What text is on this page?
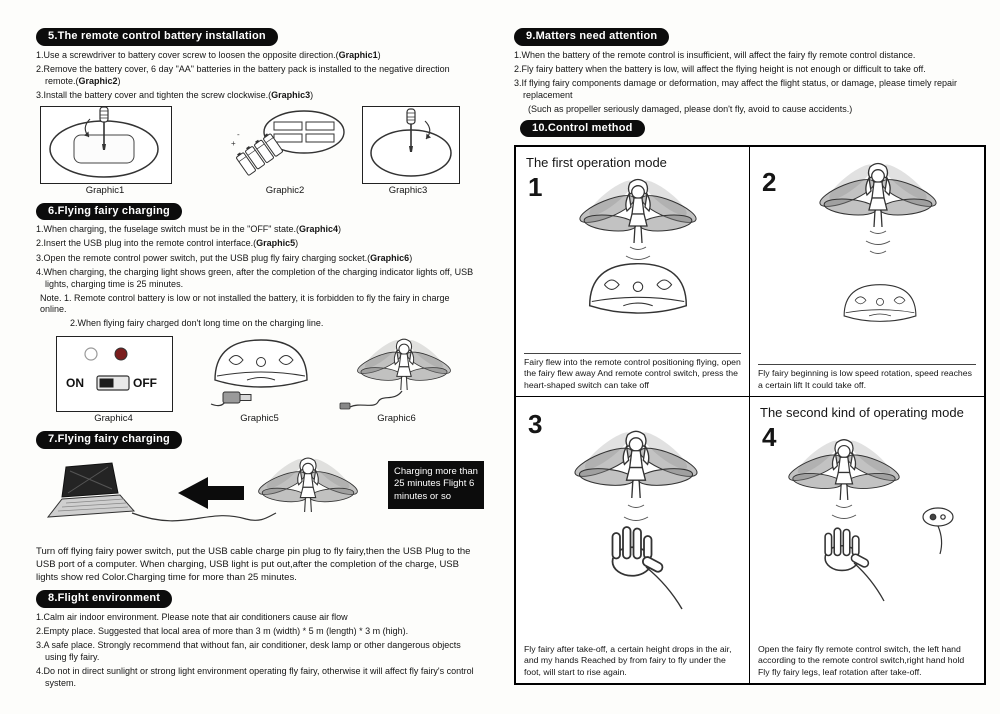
5.The remote control battery installation

1.Use a screwdriver to battery cover screw to loosen the opposite direction.(Graphic1)

2.Remove the battery cover, 6 day "AA" batteries in the battery pack is installed to the negative direction remote.(Graphic2)

3.Install the battery cover and tighten the screw clockwise.(Graphic3)

+
-
Graphic1	Graphic2	Graphic3
6.Flying fairy charging

1.When charging, the fuselage switch must be in the "OFF" state.(Graphic4)

2.Insert the USB plug into the remote control interface.(Graphic5)

3.Open the remote control power switch, put the USB plug fly fairy charging socket.(Graphic6)

4.When charging, the charging light shows green, after the completion of the charging indicator lights off, USB lights, charging time is 25 minutes.

Note. 1. Remote control battery is low or not installed the battery, it is forbidden to fly the fairy in charge online.

2.When flying fairy charged don't long time on the charging line.

ON	OFF
Graphic4	Graphic5	Graphic6
7.Flying fairy charging
Charging more than 25 minutes Flight 6 minutes or so

Turn off flying fairy power switch, put the USB cable charge pin plug to fly fairy,then the USB Plug to the USB port of a computer. When charging, USB light is put out,after the completion of the charge, USB lights show red Color.Charging time for more than 25 minutes.

8.Flight environment

1.Calm air indoor environment. Please note that air conditioners cause air flow

2.Empty place. Suggested that local area of more than 3 m (width) * 5 m (length) * 3 m (high).

3.A safe place. Strongly recommend that without fan, air conditioner, desk lamp or other dangerous objects using fly fairy.

4.Do not in direct sunlight or strong light environment operating fly fairy, otherwise it will affect fly fairy's control system.

9.Matters need attention

1.When the battery of the remote control is insufficient, will affect the fairy fly remote control distance.

2.Fly fairy battery when the battery is low, will affect the flying height is not enough or difficult to take off.

3.If flying fairy components damage or deformation, may affect the flight status, or damage, please timely repair replacement

(Such as propeller seriously damaged, please don't fly, avoid to cause accidents.)

10.Control method
The first operation mode
1
Fairy flew into the remote control positioning flying, open the fairy flew away And remote control switch, press the heart-shaped switch can take off
2
Fly fairy beginning is low speed rotation, speed reaches a certain lift It could take off.
3
Fly fairy after take-off, a certain height drops in the air, and my hands Reached by from fairy to fly under the foot, will start to rise again.
The second kind of operating mode
4
Open the fairy fly remote control switch, the left hand according to the remote control switch,right hand hold Fly fly fairy legs, leaf rotation after take-off.
